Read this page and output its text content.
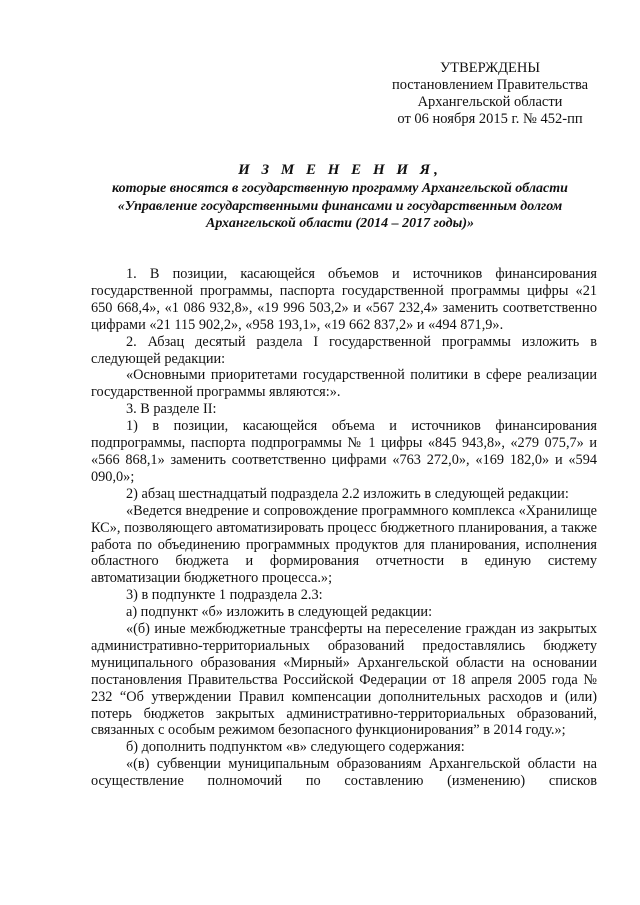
УТВЕРЖДЕНЫ
постановлением Правительства
Архангельской области
от 06 ноября 2015 г. № 452-пп
И З М Е Н Е Н И Я,
которые вносятся в государственную программу Архангельской области
«Управление государственными финансами и государственным долгом
Архангельской области (2014 – 2017 годы)»

1. В позиции, касающейся объемов и источников финансирования государственной программы, паспорта государственной программы цифры «21 650 668,4», «1 086 932,8», «19 996 503,2» и «567 232,4» заменить соответственно цифрами «21 115 902,2», «958 193,1», «19 662 837,2» и «494 871,9».

2. Абзац десятый раздела I государственной программы изложить в следующей редакции:

«Основными приоритетами государственной политики в сфере реализации государственной программы являются:».

3. В разделе II:

1) в позиции, касающейся объема и источников финансирования подпрограммы, паспорта подпрограммы № 1 цифры «845 943,8», «279 075,7» и «566 868,1» заменить соответственно цифрами «763 272,0», «169 182,0» и «594 090,0»;

2) абзац шестнадцатый подраздела 2.2 изложить в следующей редакции:

«Ведется внедрение и сопровождение программного комплекса «Хранилище КС», позволяющего автоматизировать процесс бюджетного планирования, а также работа по объединению программных продуктов для планирования, исполнения областного бюджета и формирования отчетности в единую систему автоматизации бюджетного процесса.»;

3) в подпункте 1 подраздела 2.3:

а) подпункт «б» изложить в следующей редакции:

«(б) иные межбюджетные трансферты на переселение граждан из закрытых административно-территориальных образований предоставлялись бюджету муниципального образования «Мирный» Архангельской области на основании постановления Правительства Российской Федерации от 18 апреля 2005 года № 232 “Об утверждении Правил компенсации дополнительных расходов и (или) потерь бюджетов закрытых административно-территориальных образований, связанных с особым режимом безопасного функционирования” в 2014 году.»;

б) дополнить подпунктом «в» следующего содержания:

«(в) субвенции муниципальным образованиям Архангельской области на осуществление полномочий по составлению (изменению) списков
